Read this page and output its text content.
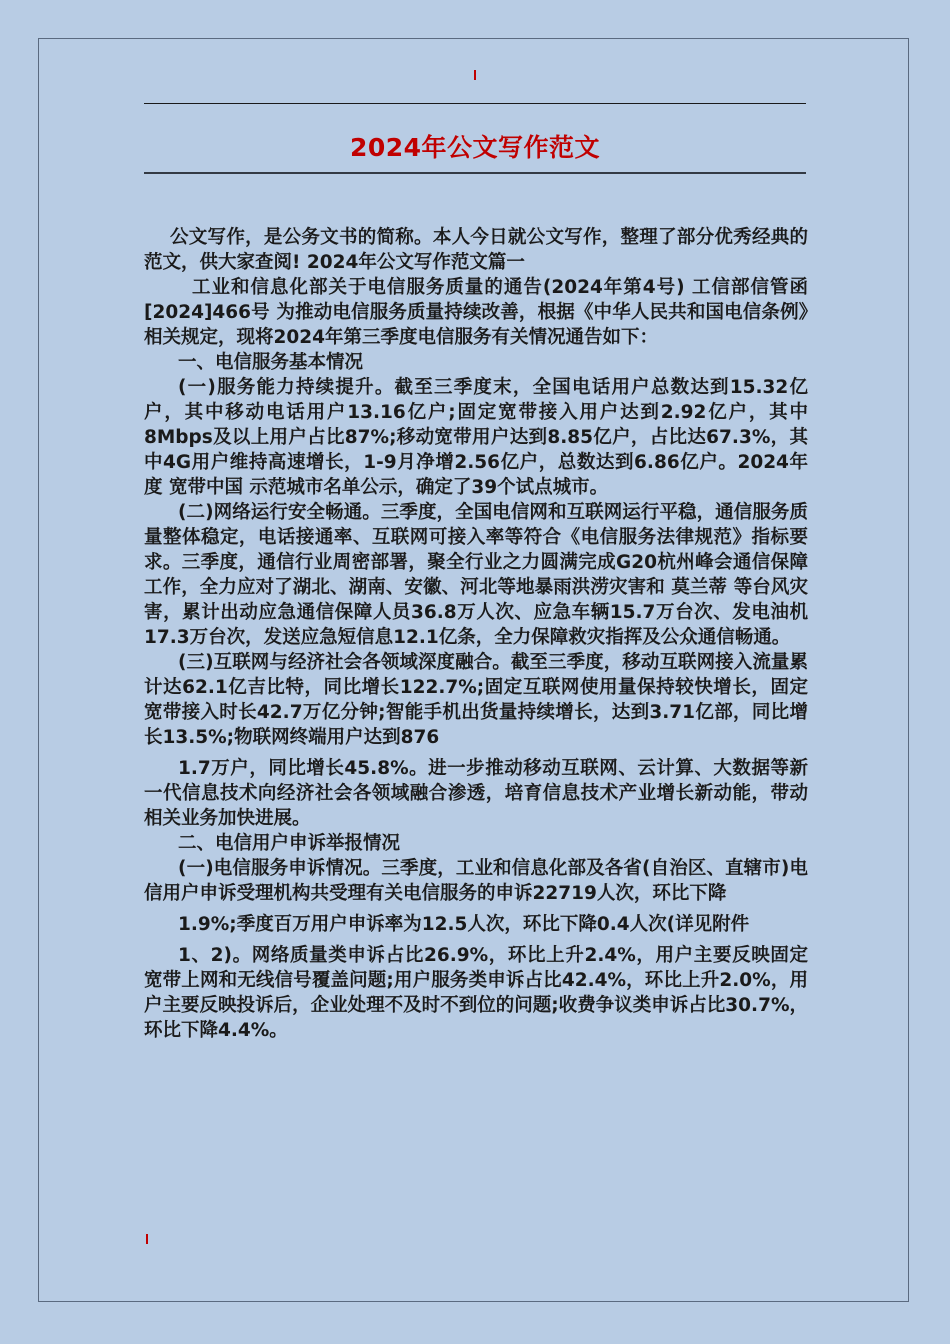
2024年公文写作范文

公文写作，是公务文书的简称。本人今日就公文写作，整理了部分优秀经典的范文，供大家查阅! 2024年公文写作范文篇一

工业和信息化部关于电信服务质量的通告(2024年第4号) 工信部信管函[2024]466号 为推动电信服务质量持续改善，根据《中华人民共和国电信条例》相关规定，现将2024年第三季度电信服务有关情况通告如下：

一、电信服务基本情况

(一)服务能力持续提升。截至三季度末，全国电话用户总数达到15.32亿户，其中移动电话用户13.16亿户;固定宽带接入用户达到2.92亿户，其中8Mbps及以上用户占比87%;移动宽带用户达到8.85亿户，占比达67.3%，其中4G用户维持高速增长，1-9月净增2.56亿户，总数达到6.86亿户。2024年度 宽带中国 示范城市名单公示，确定了39个试点城市。

(二)网络运行安全畅通。三季度，全国电信网和互联网运行平稳，通信服务质量整体稳定，电话接通率、互联网可接入率等符合《电信服务法律规范》指标要求。三季度，通信行业周密部署，聚全行业之力圆满完成G20杭州峰会通信保障工作，全力应对了湖北、湖南、安徽、河北等地暴雨洪涝灾害和 莫兰蒂 等台风灾害，累计出动应急通信保障人员36.8万人次、应急车辆15.7万台次、发电油机17.3万台次，发送应急短信息12.1亿条，全力保障救灾指挥及公众通信畅通。

(三)互联网与经济社会各领域深度融合。截至三季度，移动互联网接入流量累计达62.1亿吉比特，同比增长122.7%;固定互联网使用量保持较快增长，固定宽带接入时长42.7万亿分钟;智能手机出货量持续增长，达到3.71亿部，同比增长13.5%;物联网终端用户达到876

1.7万户，同比增长45.8%。进一步推动移动互联网、云计算、大数据等新一代信息技术向经济社会各领域融合渗透，培育信息技术产业增长新动能，带动相关业务加快进展。

二、电信用户申诉举报情况

(一)电信服务申诉情况。三季度，工业和信息化部及各省(自治区、直辖市)电信用户申诉受理机构共受理有关电信服务的申诉22719人次，环比下降

1.9%;季度百万用户申诉率为12.5人次，环比下降0.4人次(详见附件

1、2)。网络质量类申诉占比26.9%，环比上升2.4%，用户主要反映固定宽带上网和无线信号覆盖问题;用户服务类申诉占比42.4%，环比上升2.0%，用户主要反映投诉后，企业处理不及时不到位的问题;收费争议类申诉占比30.7%，环比下降4.4%。
